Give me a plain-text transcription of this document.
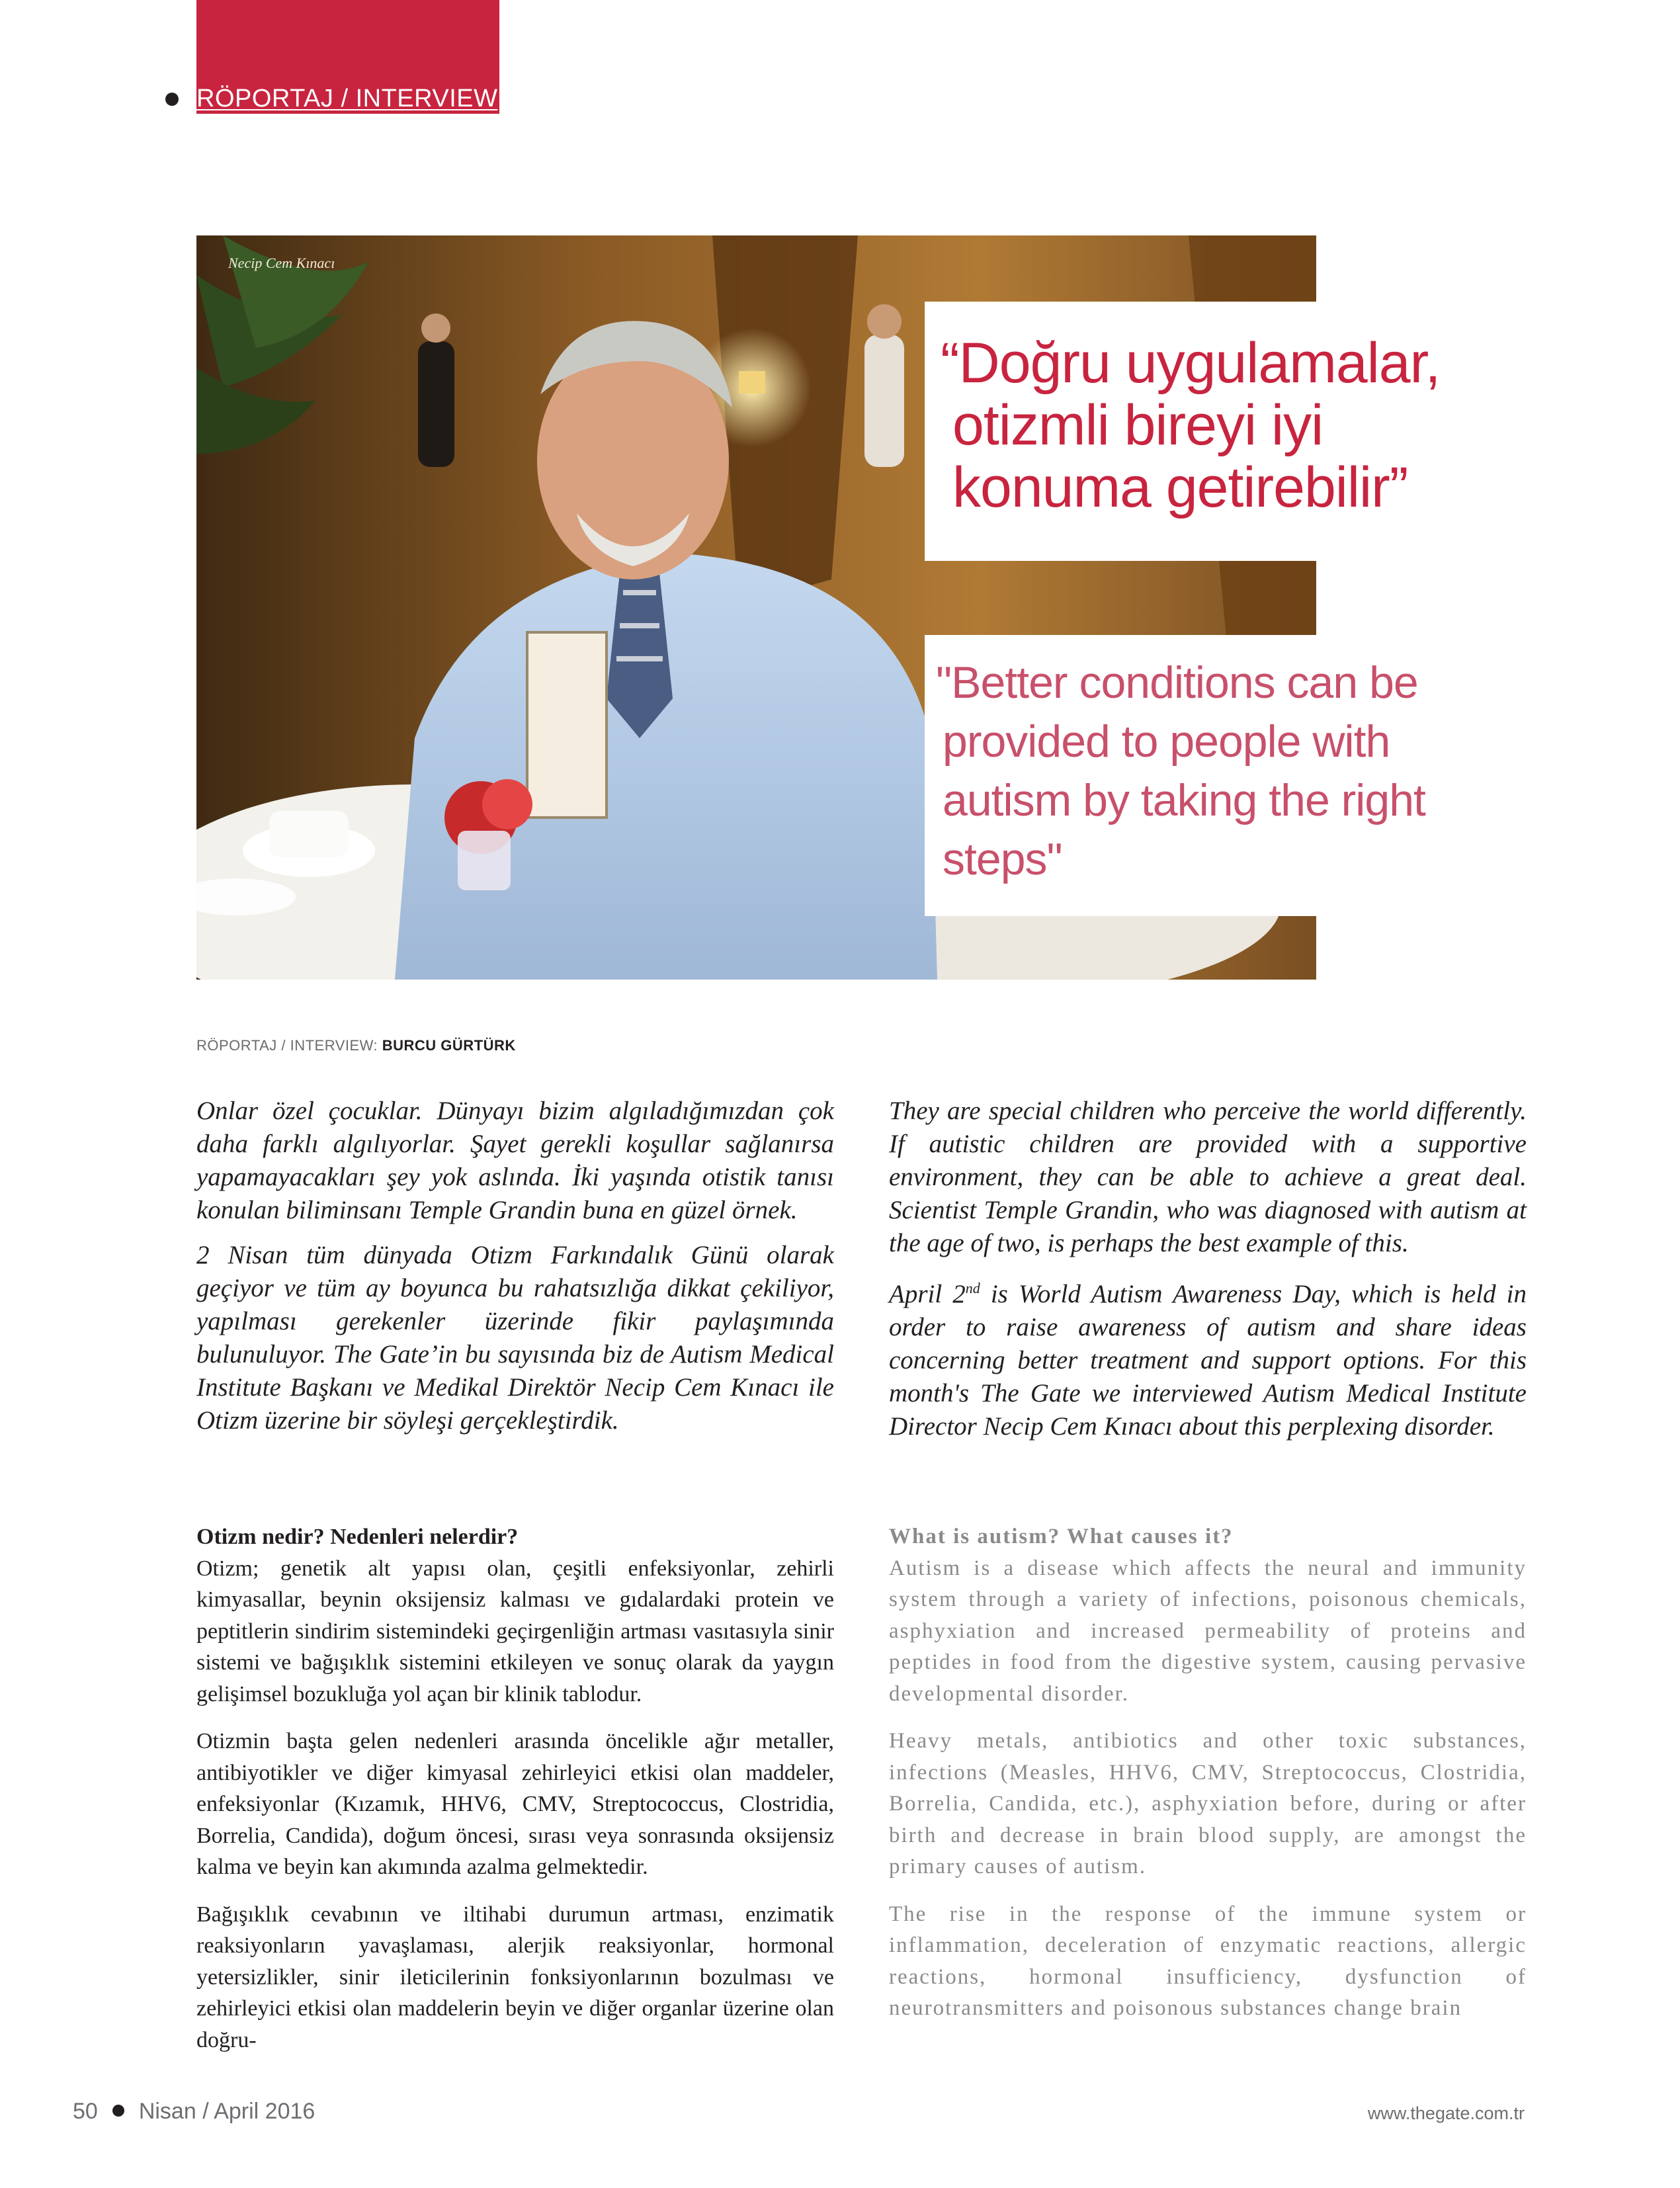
RÖPORTAJ / INTERVIEW
Necip Cem Kınacı
“Doğru uygulamalar,
otizmli bireyi iyi
konuma getirebilir”
"Better conditions can be
provided to people with
autism by taking the right
steps"
RÖPORTAJ / INTERVIEW: BURCU GÜRTÜRK

Onlar özel çocuklar. Dünyayı bizim algıladığımızdan çok daha farklı algılıyorlar. Şayet gerekli koşullar sağlanırsa yapamayacakları şey yok aslında. İki yaşında otistik tanısı konulan biliminsanı Temple Grandin buna en güzel örnek.

2 Nisan tüm dünyada Otizm Farkındalık Günü olarak geçiyor ve tüm ay boyunca bu rahatsızlığa dikkat çekiliyor, yapılması gerekenler üzerinde fikir paylaşımında bulunuluyor. The Gate’in bu sayısında biz de Autism Medical Institute Başkanı ve Medikal Direktör Necip Cem Kınacı ile Otizm üzerine bir söyleşi gerçekleştirdik.

They are special children who perceive the world differently. If autistic children are provided with a supportive environment, they can be able to achieve a great deal. Scientist Temple Grandin, who was diagnosed with autism at the age of two, is perhaps the best example of this.

April 2nd is World Autism Awareness Day, which is held in order to raise awareness of autism and share ideas concerning better treatment and support options. For this month's The Gate we interviewed Autism Medical Institute Director Necip Cem Kınacı about this perplexing disorder.

Otizm nedir? Nedenleri nelerdir?

Otizm; genetik alt yapısı olan, çeşitli enfeksiyonlar, zehirli kimyasallar, beynin oksijensiz kalması ve gıdalardaki protein ve peptitlerin sindirim sistemindeki geçirgenliğin artması vasıtasıyla sinir sistemi ve bağışıklık sistemini etkileyen ve sonuç olarak da yaygın gelişimsel bozukluğa yol açan bir klinik tablodur.

Otizmin başta gelen nedenleri arasında öncelikle ağır metaller, antibiyotikler ve diğer kimyasal zehirleyici etkisi olan maddeler, enfeksiyonlar (Kızamık, HHV6, CMV, Streptococcus, Clostridia, Borrelia, Candida), doğum öncesi, sırası veya sonrasında oksijensiz kalma ve beyin kan akımında azalma gelmektedir.

Bağışıklık cevabının ve iltihabi durumun artması, enzimatik reaksiyonların yavaşlaması, alerjik reaksiyonlar, hormonal yetersizlikler, sinir ileticilerinin fonksiyonlarının bozulması ve zehirleyici etkisi olan maddelerin beyin ve diğer organlar üzerine olan doğru-

What is autism? What causes it?

Autism is a disease which affects the neural and immunity system through a variety of infections, poisonous chemicals, asphyxiation and increased permeability of proteins and peptides in food from the digestive system, causing pervasive developmental disorder.

Heavy metals, antibiotics and other toxic substances, infections (Measles, HHV6, CMV, Streptococcus, Clostridia, Borrelia, Candida, etc.), asphyxiation before, during or after birth and decrease in brain blood supply, are amongst the primary causes of autism.

The rise in the response of the immune system or inflammation, deceleration of enzymatic reactions, allergic reactions, hormonal insufficiency, dysfunction of neurotransmitters and poisonous substances change brain

50 Nisan / April 2016	www.thegate.com.tr
